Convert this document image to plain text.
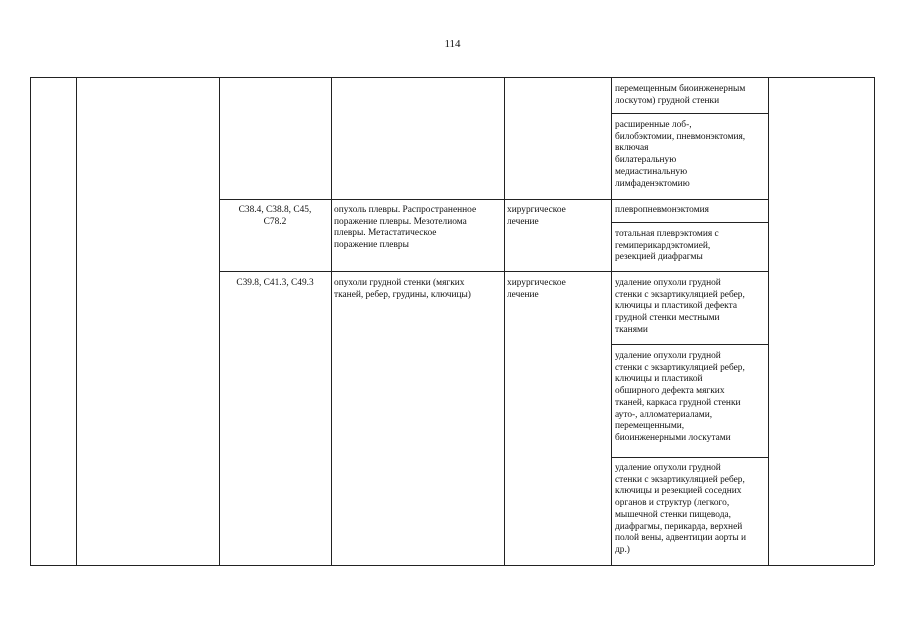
114
перемещенным биоинженерным
лоскутом) грудной стенки
расширенные лоб-,
билобэктомии, пневмонэктомия,
включая
билатеральную
медиастинальную
лимфаденэктомию
С38.4, С38.8, С45,
С78.2
опухоль плевры. Распространенное
поражение плевры. Мезотелиома
плевры. Метастатическое
поражение плевры
хирургическое
лечение
плевропневмонэктомия
тотальная плеврэктомия с
гемиперикардэктомией,
резекцией диафрагмы
С39.8, С41.3, С49.3	опухоли грудной стенки (мягких
тканей, ребер, грудины, ключицы)
хирургическое
лечение
удаление опухоли грудной
стенки с экзартикуляцией ребер,
ключицы и пластикой дефекта
грудной стенки местными
тканями
удаление опухоли грудной
стенки с экзартикуляцией ребер,
ключицы и пластикой
обширного дефекта мягких
тканей, каркаса грудной стенки
ауто-, алломатериалами,
перемещенными,
биоинженерными лоскутами
удаление опухоли грудной
стенки с экзартикуляцией ребер,
ключицы и резекцией соседних
органов и структур (легкого,
мышечной стенки пищевода,
диафрагмы, перикарда, верхней
полой вены, адвентиции аорты и
др.)
